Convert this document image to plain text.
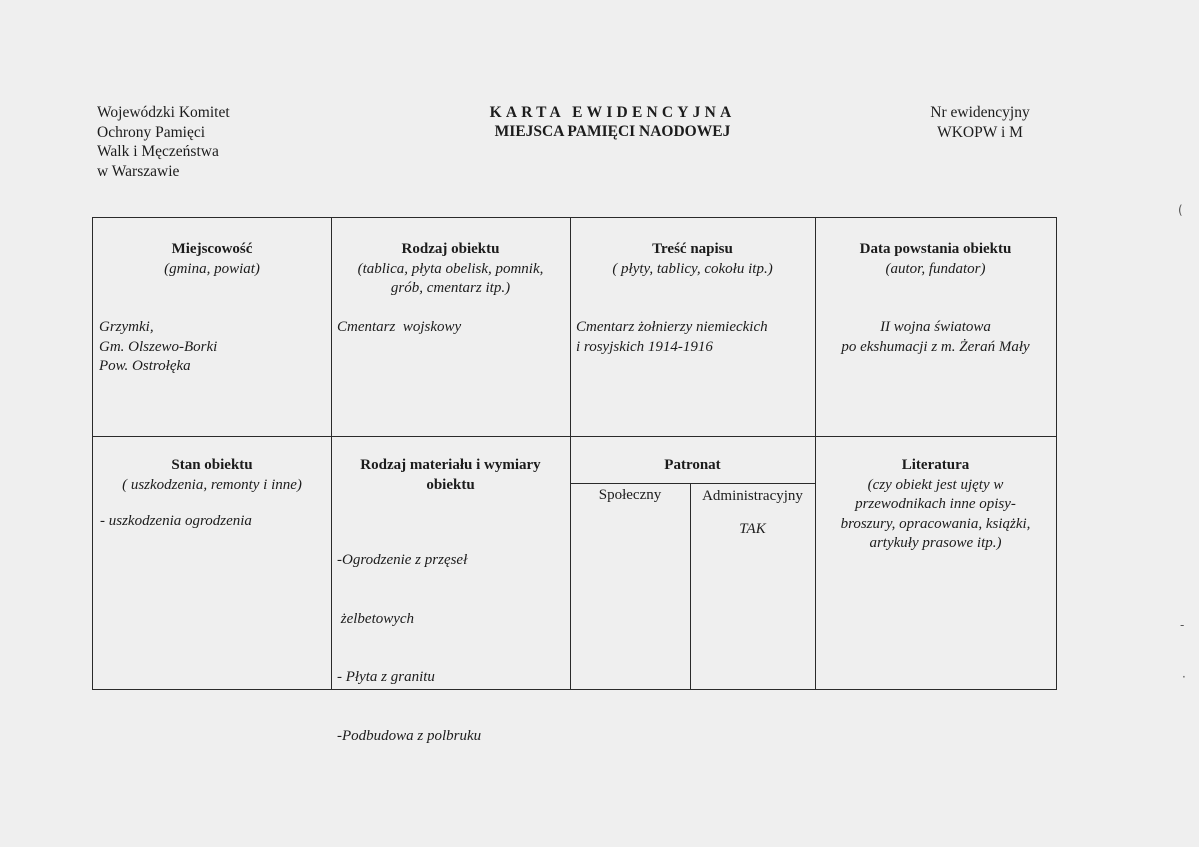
Wojewódzki Komitet
Ochrony Pamięci
Walk i Męczeństwa
w Warszawie
KARTA EWIDENCYJNA
MIEJSCA PAMIĘCI NAODOWEJ
Nr ewidencyjny
WKOPW i M
Miejscowość
(gmina, powiat)
Grzymki,
Gm. Olszewo-Borki
Pow. Ostrołęka
Rodzaj obiektu
(tablica, płyta obelisk, pomnik,
grób, cmentarz itp.)
Cmentarz  wojskowy
Treść napisu
( płyty, tablicy, cokołu itp.)
Cmentarz żołnierzy niemieckich
i rosyjskich 1914-1916
Data powstania obiektu
(autor, fundator)
II wojna światowa
po ekshumacji z m. Żerań Mały
Stan obiektu
( uszkodzenia, remonty i inne)
- uszkodzenia ogrodzenia
Rodzaj materiału i wymiary
obiektu

-Ogrodzenie z przęseł

żelbetowych

- Płyta z granitu

-Podbudowa z polbruku

Patronat
Społeczny	Administracyjny
TAK
Literatura
(czy obiekt jest ujęty w
przewodnikach inne opisy-
broszury, opracowania, książki,
artykuły prasowe itp.)
(
-
·
